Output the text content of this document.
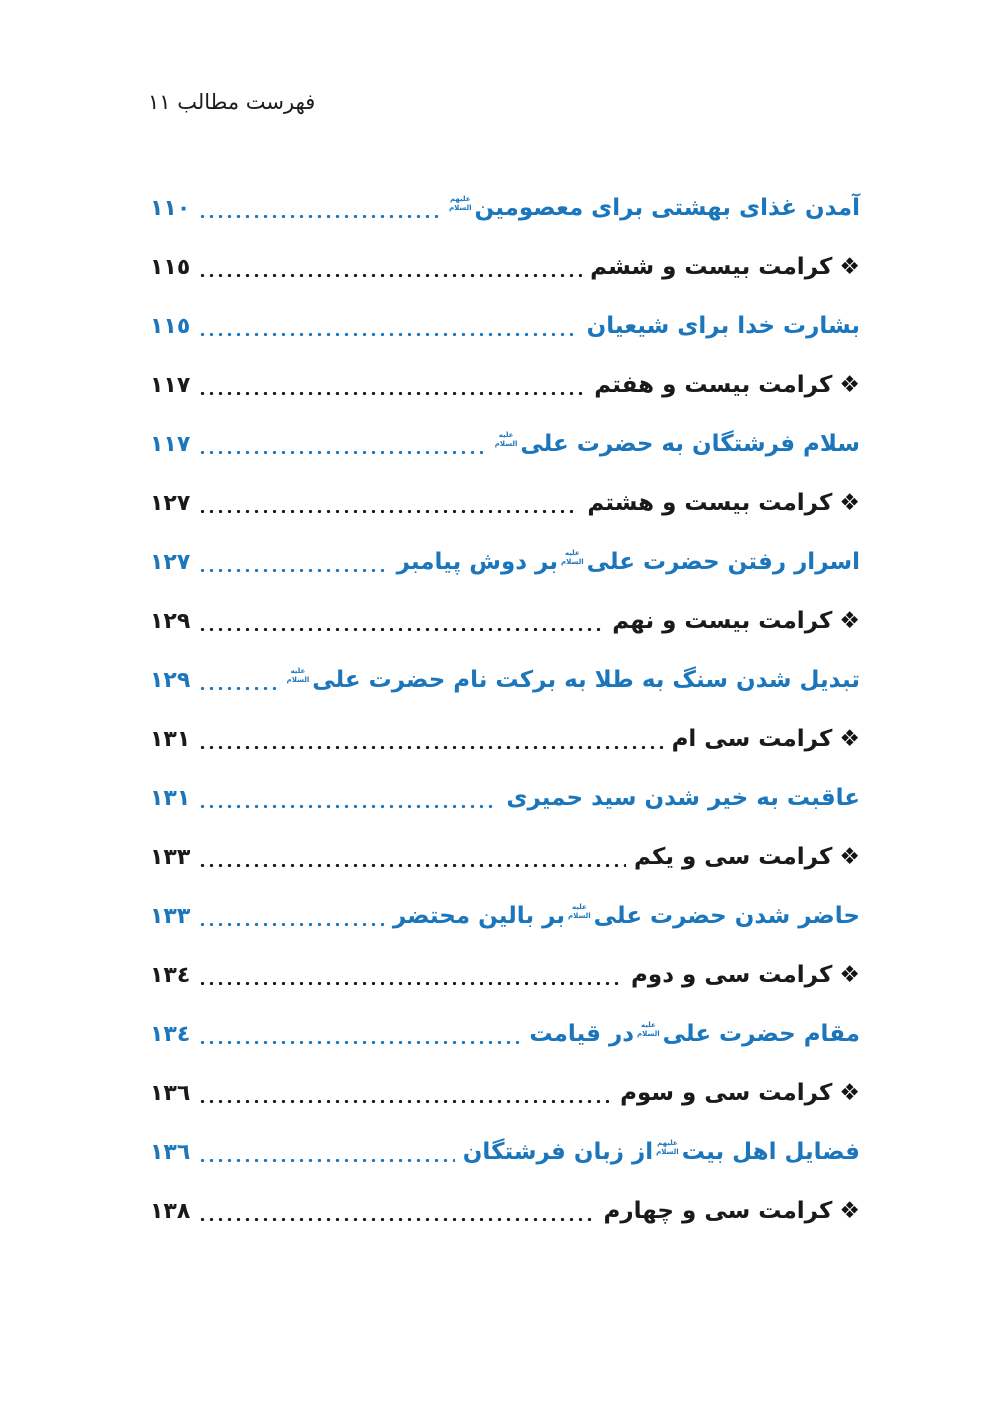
فهرست مطالب ۱۱
آمدن غذای بهشتی برای معصومین
علیهم
السلام
١١٠
❖
کرامت بیست و ششم
١١٥
بشارت خدا برای شیعیان
١١٥
❖
کرامت بیست و هفتم
١١٧
سلام فرشتگان به حضرت علی
علیه
السلام
١١٧
❖
کرامت بیست و هشتم
١٢٧
اسرار رفتن حضرت علی
علیه
السلام
بر دوش پیامبر
١٢٧
❖
کرامت بیست و نهم
١٢٩
تبدیل شدن سنگ به طلا به برکت نام حضرت علی
علیه
السلام
١٢٩
❖
کرامت سی ام
١٣١
عاقبت به خیر شدن سید حمیری
١٣١
❖
کرامت سی و یکم
١٣٣
حاضر شدن حضرت علی
علیه
السلام
بر بالین محتضر
١٣٣
❖
کرامت سی و دوم
١٣٤
مقام حضرت علی
علیه
السلام
در قیامت
١٣٤
❖
کرامت سی و سوم
١٣٦
فضایل اهل بیت
علیهم
السلام
از زبان فرشتگان
١٣٦
❖
کرامت سی و چهارم
١٣٨
